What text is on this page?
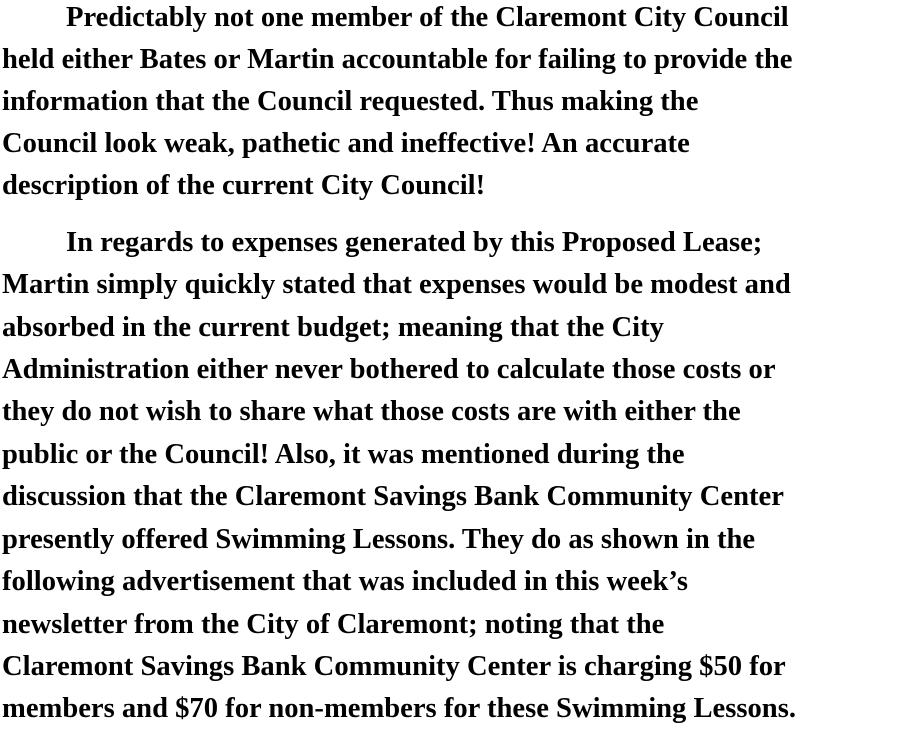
Predictably not one member of the Claremont City Council
held either Bates or Martin accountable for failing to provide the
information that the Council requested. Thus making the
Council look weak, pathetic and ineffective! An accurate
description of the current City Council!
In regards to expenses generated by this Proposed Lease;
Martin simply quickly stated that expenses would be modest and
absorbed in the current budget; meaning that the City
Administration either never bothered to calculate those costs or
they do not wish to share what those costs are with either the
public or the Council! Also, it was mentioned during the
discussion that the Claremont Savings Bank Community Center
presently offered Swimming Lessons. They do as shown in the
following advertisement that was included in this week’s
newsletter from the City of Claremont; noting that the
Claremont Savings Bank Community Center is charging $50 for
members and $70 for non-members for these Swimming Lessons.
